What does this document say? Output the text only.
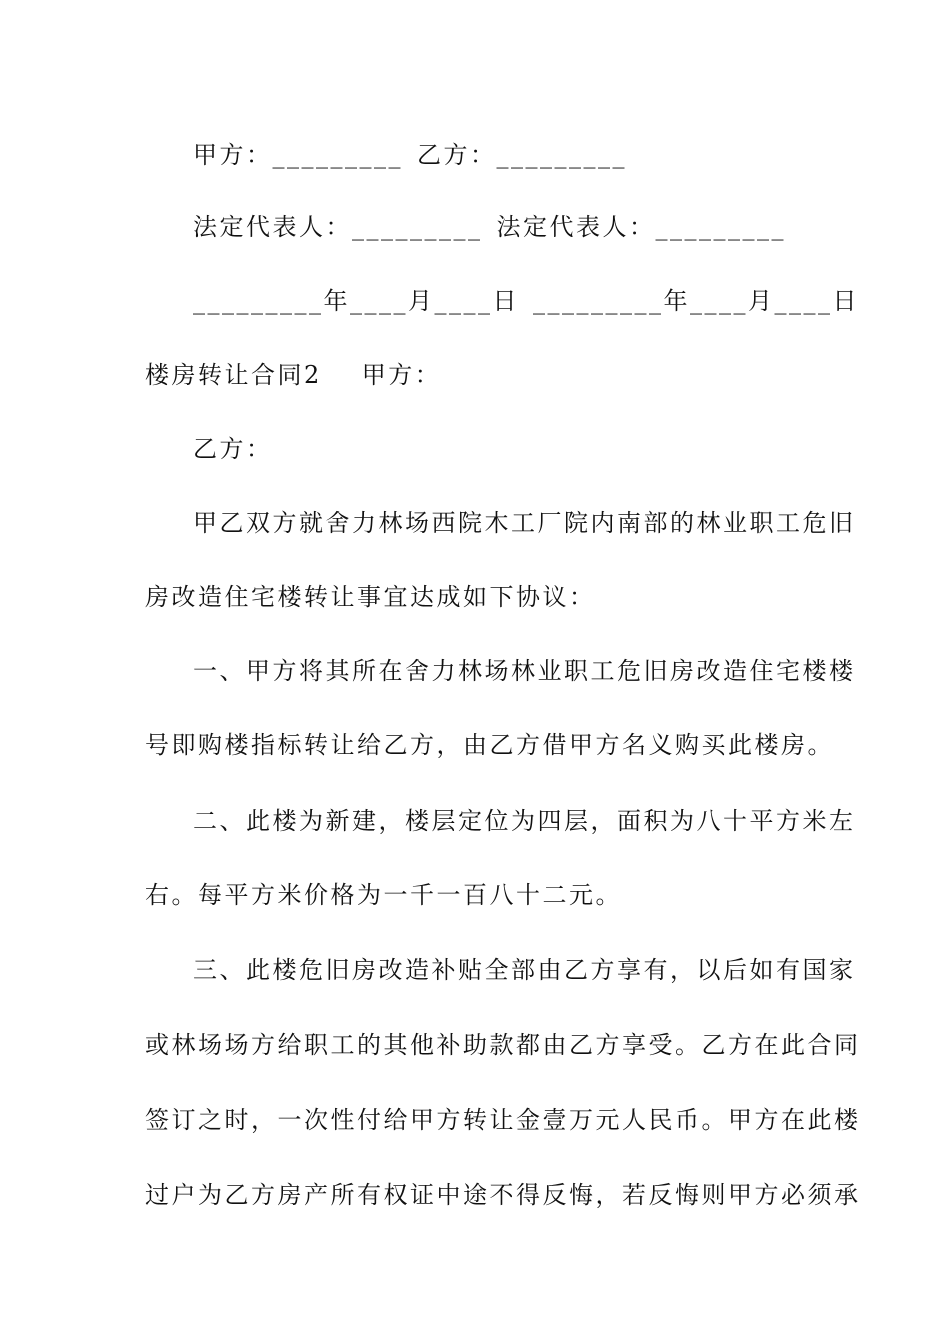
甲方：_________ 乙方：_________
法定代表人：_________ 法定代表人：_________
_________年____月____日 _________年____月____日
楼房转让合同2 甲方：
乙方：
甲乙双方就舍力林场西院木工厂院内南部的林业职工危旧
房改造住宅楼转让事宜达成如下协议：
一、甲方将其所在舍力林场林业职工危旧房改造住宅楼楼
号即购楼指标转让给乙方，由乙方借甲方名义购买此楼房。
二、此楼为新建，楼层定位为四层，面积为八十平方米左
右。每平方米价格为一千一百八十二元。
三、此楼危旧房改造补贴全部由乙方享有，以后如有国家
或林场场方给职工的其他补助款都由乙方享受。乙方在此合同
签订之时，一次性付给甲方转让金壹万元人民币。甲方在此楼
过户为乙方房产所有权证中途不得反悔，若反悔则甲方必须承
